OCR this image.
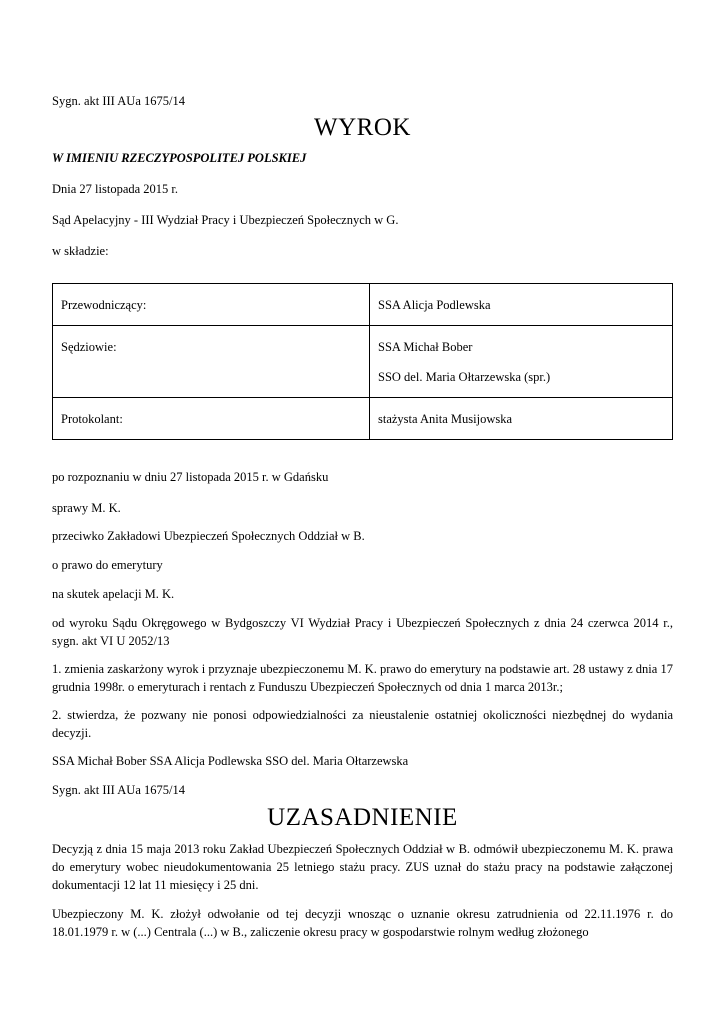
Sygn. akt III AUa 1675/14
WYROK
W IMIENIU RZECZYPOSPOLITEJ POLSKIEJ
Dnia 27 listopada 2015 r.
Sąd Apelacyjny - III Wydział Pracy i Ubezpieczeń Społecznych w G.
w składzie:
Przewodniczący:	SSA Alicja Podlewska

Sędziowie:	SSA Michał Bober
SSO del. Maria Ołtarzewska (spr.)

Protokolant:	stażysta Anita Musijowska
po rozpoznaniu w dniu 27 listopada 2015 r. w Gdańsku
sprawy M. K.
przeciwko Zakładowi Ubezpieczeń Społecznych Oddział w B.
o prawo do emerytury
na skutek apelacji M. K.
od wyroku Sądu Okręgowego w Bydgoszczy VI Wydział Pracy i Ubezpieczeń Społecznych z dnia 24 czerwca 2014 r., sygn. akt VI U 2052/13
1. zmienia zaskarżony wyrok i przyznaje ubezpieczonemu M. K. prawo do emerytury na podstawie art. 28 ustawy z dnia 17 grudnia 1998r. o emeryturach i rentach z Funduszu Ubezpieczeń Społecznych od dnia 1 marca 2013r.;
2. stwierdza, że pozwany nie ponosi odpowiedzialności za nieustalenie ostatniej okoliczności niezbędnej do wydania decyzji.
SSA Michał Bober SSA Alicja Podlewska SSO del. Maria Ołtarzewska
Sygn. akt III AUa 1675/14
UZASADNIENIE
Decyzją z dnia 15 maja 2013 roku Zakład Ubezpieczeń Społecznych Oddział w B. odmówił ubezpieczonemu M. K. prawa do emerytury wobec nieudokumentowania 25 letniego stażu pracy. ZUS uznał do stażu pracy na podstawie załączonej dokumentacji 12 lat 11 miesięcy i 25 dni.
Ubezpieczony M. K. złożył odwołanie od tej decyzji wnosząc o uznanie okresu zatrudnienia od 22.11.1976 r. do 18.01.1979 r. w (...) Centrala (...) w B., zaliczenie okresu pracy w gospodarstwie rolnym według złożonego
